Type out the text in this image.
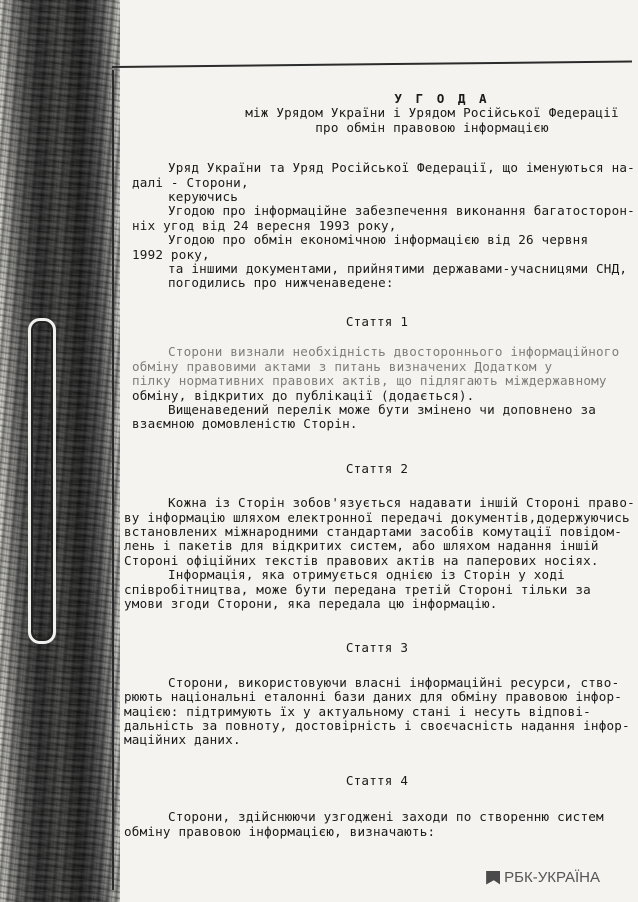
У Г О Д А
між Урядом України і Урядом Російської Федерації
про обмін правовою інформацією

Уряд України та Уряд Російської Федерації, що іменуються на-

далі - Сторони,

керуючись

Угодою про інформаційне забезпечення виконання багатосторон-

ніх угод від 24 вересня 1993 року,

Угодою про обмін економічною інформацією від 26 червня

1992 року,

та іншими документами, прийнятими державами-учасницями СНД,

погодились про нижченаведене:

Стаття 1

Сторони визнали необхідність двостороннього інформаційного

обміну правовими актами з питань визначених Додатком у

пілку нормативних правових актів, що підлягають міждержавному

обміну, відкритих до публікації (додається).

Вищенаведений перелік може бути змінено чи доповнено за

взаємною домовленістю Сторін.

Стаття 2

Кожна із Сторін зобов'язується надавати іншій Стороні право-

ву інформацію шляхом електронної передачі документів,додержуючись

встановлених міжнародними стандартами засобів комутації повідом-

лень і пакетів для відкритих систем, або шляхом надання іншій

Стороні офіційних текстів правових актів на паперових носіях.

Інформація, яка отримується однією із Сторін у ході

співробітництва, може бути передана третій Стороні тільки за

умови згоди Сторони, яка передала цю інформацію.

Стаття 3

Сторони, використовуючи власні інформаційні ресурси, ство-

рюють національні еталонні бази даних для обміну правовою інфор-

мацією: підтримують їх у актуальному стані і несуть відпові-

дальність за повноту, достовірність і своєчасність надання інфор-

маційних даних.

Стаття 4

Сторони, здійснюючи узгоджені заходи по створенню систем

обміну правовою інформацією, визначають:

РБК-УКРАЇНА
